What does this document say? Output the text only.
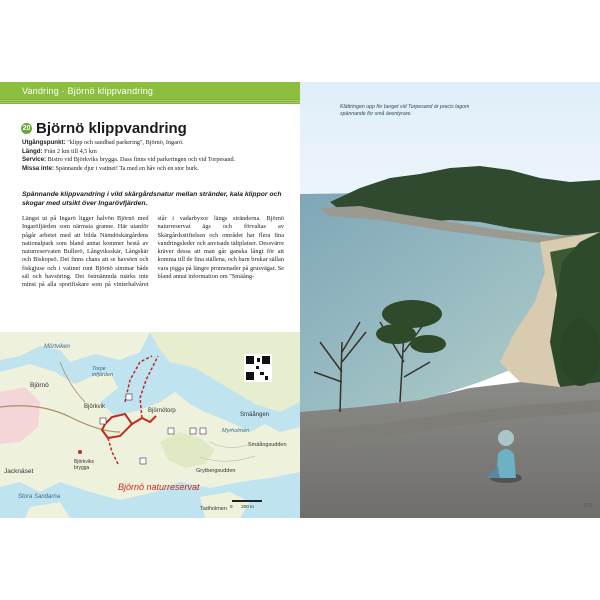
Vandring · Björnö klippvandring
20 Björnö klippvandring
Utgångspunkt: "klipp och sandbad parkering", Björnö, Ingarö.
Längd: Från 2 km till 4,5 km
Service: Bistro vid Björkviks brygga. Dass finns vid parkeringen och vid Torpesand.
Missa inte: Spännande djur i vattnet! Ta med en håv och en stor burk.
Spännande klippvandring i vild skärgårdsnatur mellan stränder, kala klippor och skogar med utsikt över Ingarövfjärden.
Längst ut på Ingarö ligger halvön Björnö med Ingaröfjärden som närmsta granne. Här utanför pågår arbetet med att bilda Nämdöskärgårdens nationalpark som bland annat kommer bestå av naturreservaten Bullerö, Långviksskär, Långskär och Biskopsö. Det finns chans att se havsörn och fiskgjuse och i vattnet runt Björnö simmar både säl och havsöring. Det östmänmda märks inte minst på alla sportfiskare som på vinterhalvåret står i vadarbyxor längs stränderna. Björnö naturreservat ägs och förvaltas av Skärgårdsstiftelsen och området har flera fina vandringsleder och anvisade tältplatser. Dessvärre kräver dessa att man går ganska långt för att komma till de fina ställena, och barn brukar sällan vara pigga på längre promenader på grusvägar. Se bland annat information om "Smäång-
Mörtviken
Torpe
infjärden
Björnö
Björkvik
Björnötorp
Smäången
Myrholmen
Smäångsudden
Grytbergsudden
Björkviks
brygga
Jacknäset
Björnö naturreservat
Stora Sandarna
Tadholmen 0       200 m
Klättringen upp för berget vid Torpesand är precis lagom spännande för små äventyrare.
113
